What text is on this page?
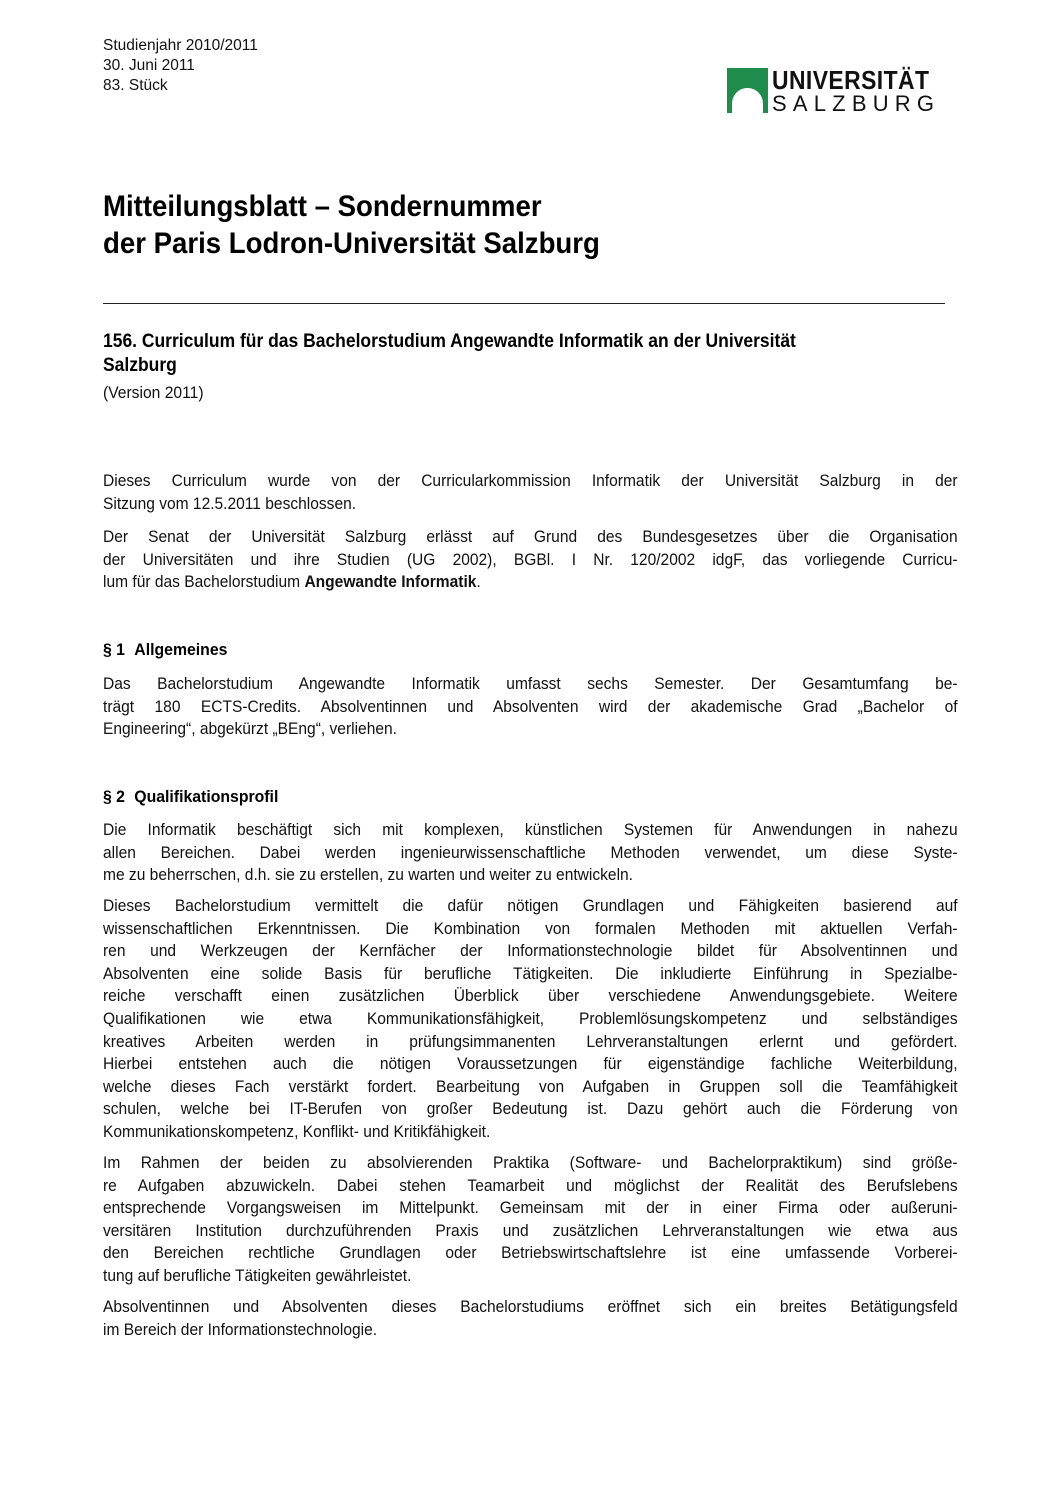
Studienjahr 2010/2011
30. Juni 2011
83. Stück	UNIVERSITÄT
SALZBURG
Mitteilungsblatt – Sondernummer
der Paris Lodron-Universität Salzburg
156. Curriculum für das Bachelorstudium Angewandte Informatik an der Universität
Salzburg
(Version 2011)
Dieses Curriculum wurde von der Curricularkommission Informatik der Universität Salzburg in der
Sitzung vom 12.5.2011 beschlossen.
Der Senat der Universität Salzburg erlässt auf Grund des Bundesgesetzes über die Organisation
der Universitäten und ihre Studien (UG 2002), BGBl. I Nr. 120/2002 idgF, das vorliegende Curricu-
lum für das Bachelorstudium Angewandte Informatik.
§ 1 Allgemeines
Das Bachelorstudium Angewandte Informatik umfasst sechs Semester. Der Gesamtumfang be-
trägt 180 ECTS-Credits. Absolventinnen und Absolventen wird der akademische Grad „Bachelor of
Engineering“, abgekürzt „BEng“, verliehen.
§ 2 Qualifikationsprofil
Die Informatik beschäftigt sich mit komplexen, künstlichen Systemen für Anwendungen in nahezu
allen Bereichen. Dabei werden ingenieurwissenschaftliche Methoden verwendet, um diese Syste-
me zu beherrschen, d.h. sie zu erstellen, zu warten und weiter zu entwickeln.
Dieses Bachelorstudium vermittelt die dafür nötigen Grundlagen und Fähigkeiten basierend auf
wissenschaftlichen Erkenntnissen. Die Kombination von formalen Methoden mit aktuellen Verfah-
ren und Werkzeugen der Kernfächer der Informationstechnologie bildet für Absolventinnen und
Absolventen eine solide Basis für berufliche Tätigkeiten. Die inkludierte Einführung in Spezialbe-
reiche verschafft einen zusätzlichen Überblick über verschiedene Anwendungsgebiete. Weitere
Qualifikationen wie etwa Kommunikationsfähigkeit, Problemlösungskompetenz und selbständiges
kreatives Arbeiten werden in prüfungsimmanenten Lehrveranstaltungen erlernt und gefördert.
Hierbei entstehen auch die nötigen Voraussetzungen für eigenständige fachliche Weiterbildung,
welche dieses Fach verstärkt fordert. Bearbeitung von Aufgaben in Gruppen soll die Teamfähigkeit
schulen, welche bei IT-Berufen von großer Bedeutung ist. Dazu gehört auch die Förderung von
Kommunikationskompetenz, Konflikt- und Kritikfähigkeit.
Im Rahmen der beiden zu absolvierenden Praktika (Software- und Bachelorpraktikum) sind größe-
re Aufgaben abzuwickeln. Dabei stehen Teamarbeit und möglichst der Realität des Berufslebens
entsprechende Vorgangsweisen im Mittelpunkt. Gemeinsam mit der in einer Firma oder außeruni-
versitären Institution durchzuführenden Praxis und zusätzlichen Lehrveranstaltungen wie etwa aus
den Bereichen rechtliche Grundlagen oder Betriebswirtschaftslehre ist eine umfassende Vorberei-
tung auf berufliche Tätigkeiten gewährleistet.
Absolventinnen und Absolventen dieses Bachelorstudiums eröffnet sich ein breites Betätigungsfeld
im Bereich der Informationstechnologie.
